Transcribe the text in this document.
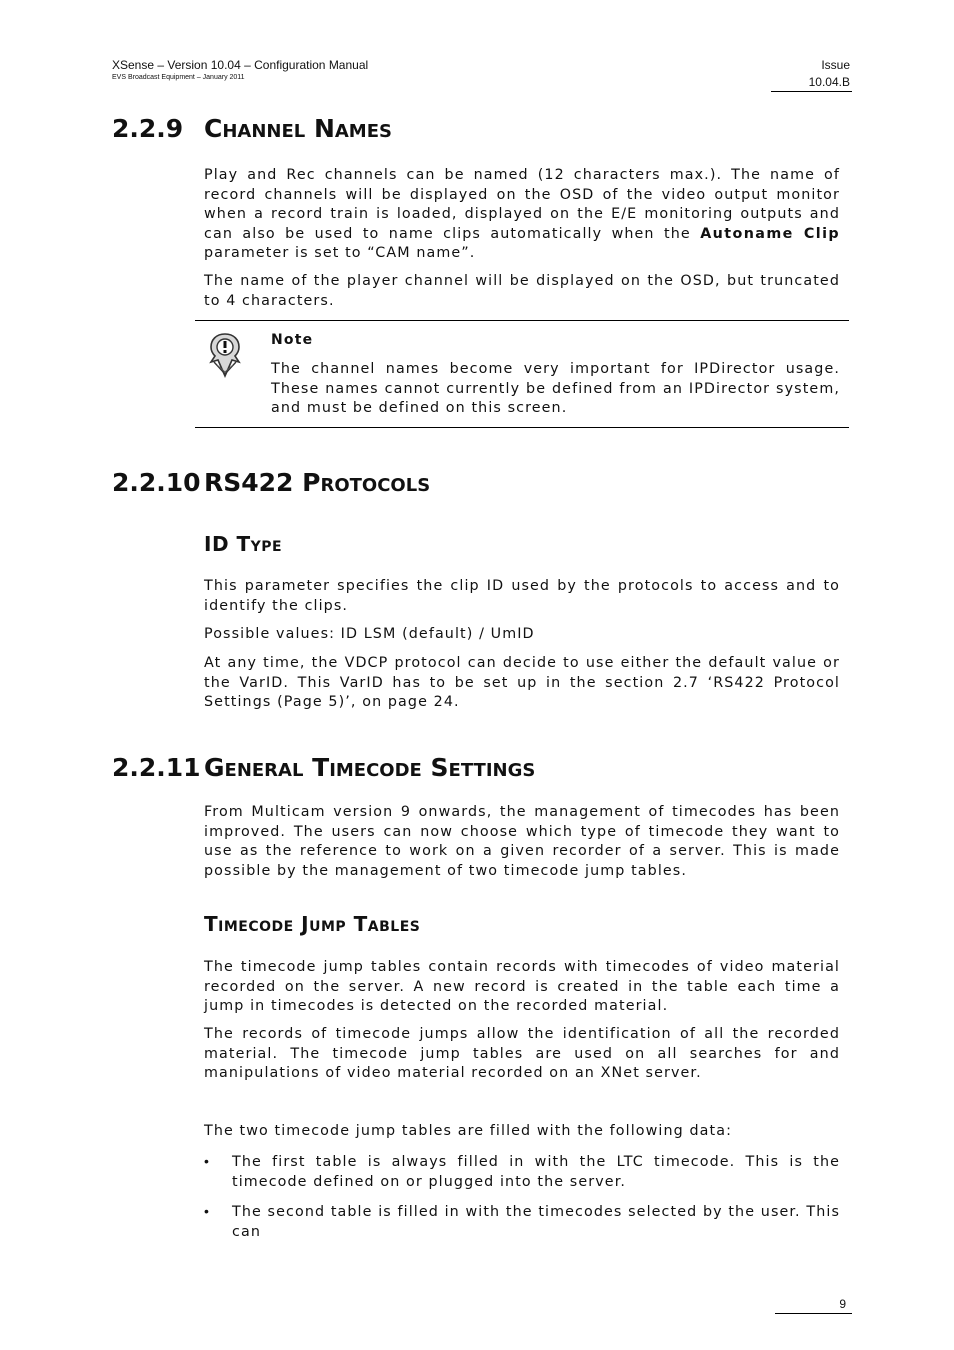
XSense – Version 10.04 – Configuration Manual
EVS Broadcast Equipment – January 2011
Issue
10.04.B
2.2.9 Channel Names
Play and Rec channels can be named (12 characters max.). The name of record channels will be displayed on the OSD of the video output monitor when a record train is loaded, displayed on the E/E monitoring outputs and can also be used to name clips automatically when the Autoname Clip parameter is set to “CAM name”.
The name of the player channel will be displayed on the OSD, but truncated to 4 characters.
Note
The channel names become very important for IPDirector usage. These names cannot currently be defined from an IPDirector system, and must be defined on this screen.
2.2.10 RS422 Protocols
ID Type
This parameter specifies the clip ID used by the protocols to access and to identify the clips.
Possible values: ID LSM (default) / UmID
At any time, the VDCP protocol can decide to use either the default value or the VarID. This VarID has to be set up in the section 2.7 ‘RS422 Protocol Settings (Page 5)’, on page 24.
2.2.11 General Timecode Settings
From Multicam version 9 onwards, the management of timecodes has been improved. The users can now choose which type of timecode they want to use as the reference to work on a given recorder of a server. This is made possible by the management of two timecode jump tables.
Timecode Jump Tables
The timecode jump tables contain records with timecodes of video material recorded on the server. A new record is created in the table each time a jump in timecodes is detected on the recorded material.
The records of timecode jumps allow the identification of all the recorded material. The timecode jump tables are used on all searches for and manipulations of video material recorded on an XNet server.
The two timecode jump tables are filled with the following data:
•	The first table is always filled in with the LTC timecode. This is the timecode defined on or plugged into the server.
•	The second table is filled in with the timecodes selected by the user. This can
9
